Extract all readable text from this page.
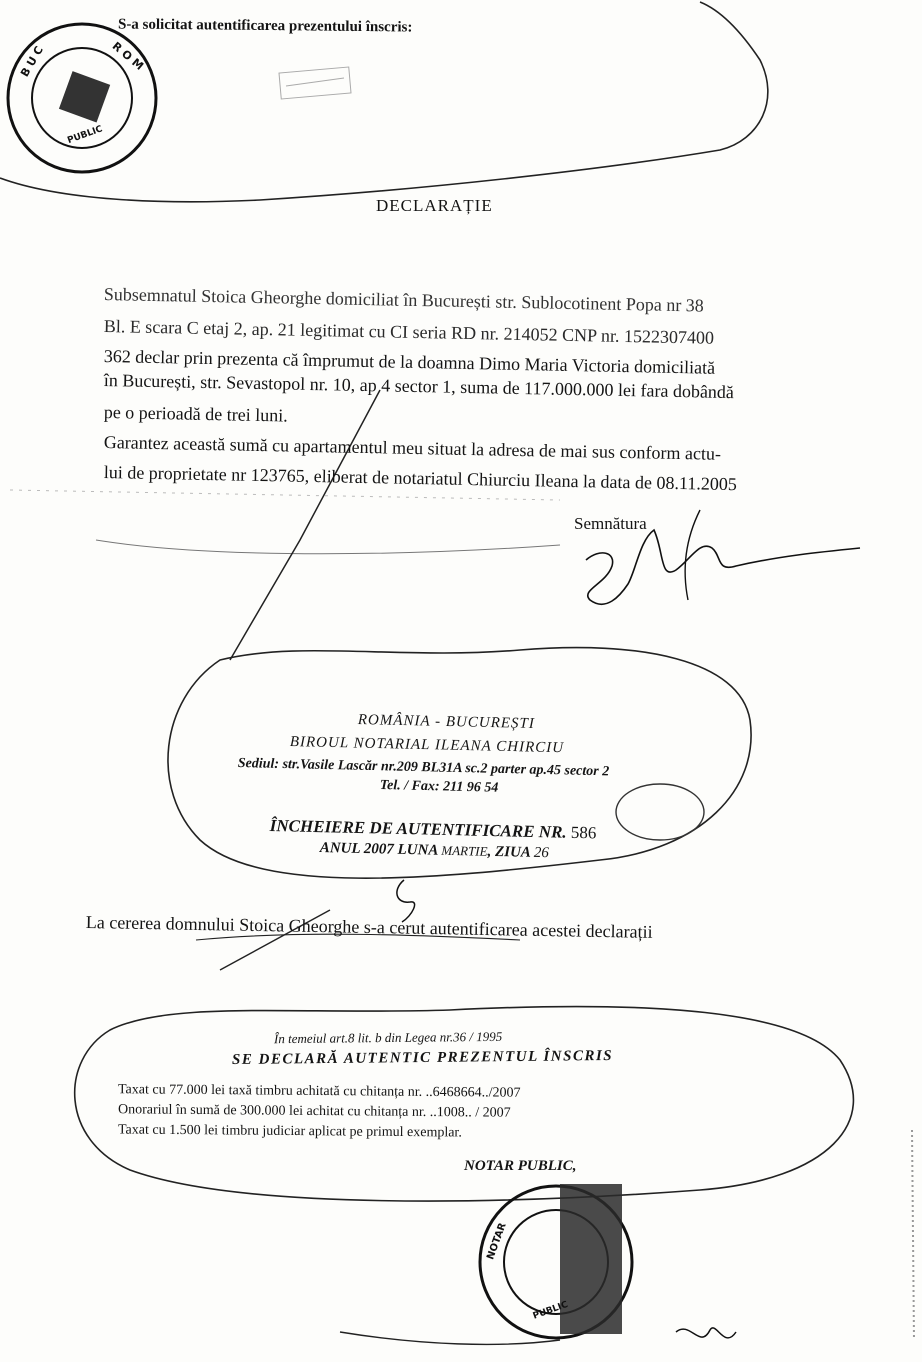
B U C	R O M
PUBLIC
NOTAR
PUBLIC
S-a solicitat autentificarea prezentului înscris:
DECLARAȚIE
Subsemnatul Stoica Gheorghe domiciliat în București str. Sublocotinent Popa nr 38
Bl. E scara C etaj 2, ap. 21 legitimat cu CI seria RD nr. 214052 CNP nr. 1522307400
362 declar prin prezenta că împrumut de la doamna Dimo Maria Victoria domiciliată
în București, str. Sevastopol nr. 10, ap 4 sector 1, suma de 117.000.000 lei fara dobândă
pe o perioadă de trei luni.
Garantez această sumă cu apartamentul meu situat la adresa de mai sus conform actu-
lui de proprietate nr 123765, eliberat de notariatul Chiurciu Ileana la data de 08.11.2005
Semnătura
ROMÂNIA - BUCUREȘTI
BIROUL NOTARIAL ILEANA CHIRCIU
Sediul: str.Vasile Lascăr nr.209 BL31A sc.2 parter ap.45 sector 2
Tel. / Fax: 211 96 54
ÎNCHEIERE DE AUTENTIFICARE NR. 586
ANUL 2007 LUNA MARTIE, ZIUA 26
La cererea domnului Stoica Gheorghe s-a cerut autentificarea acestei declarații
În temeiul art.8 lit. b din Legea nr.36 / 1995
SE DECLARĂ AUTENTIC PREZENTUL ÎNSCRIS
Taxat cu 77.000 lei taxă timbru achitată cu chitanța nr. ..6468664../2007
Onorariul în sumă de 300.000 lei achitat cu chitanța nr. ..1008.. / 2007
Taxat cu 1.500 lei timbru judiciar aplicat pe primul exemplar.
NOTAR PUBLIC,
